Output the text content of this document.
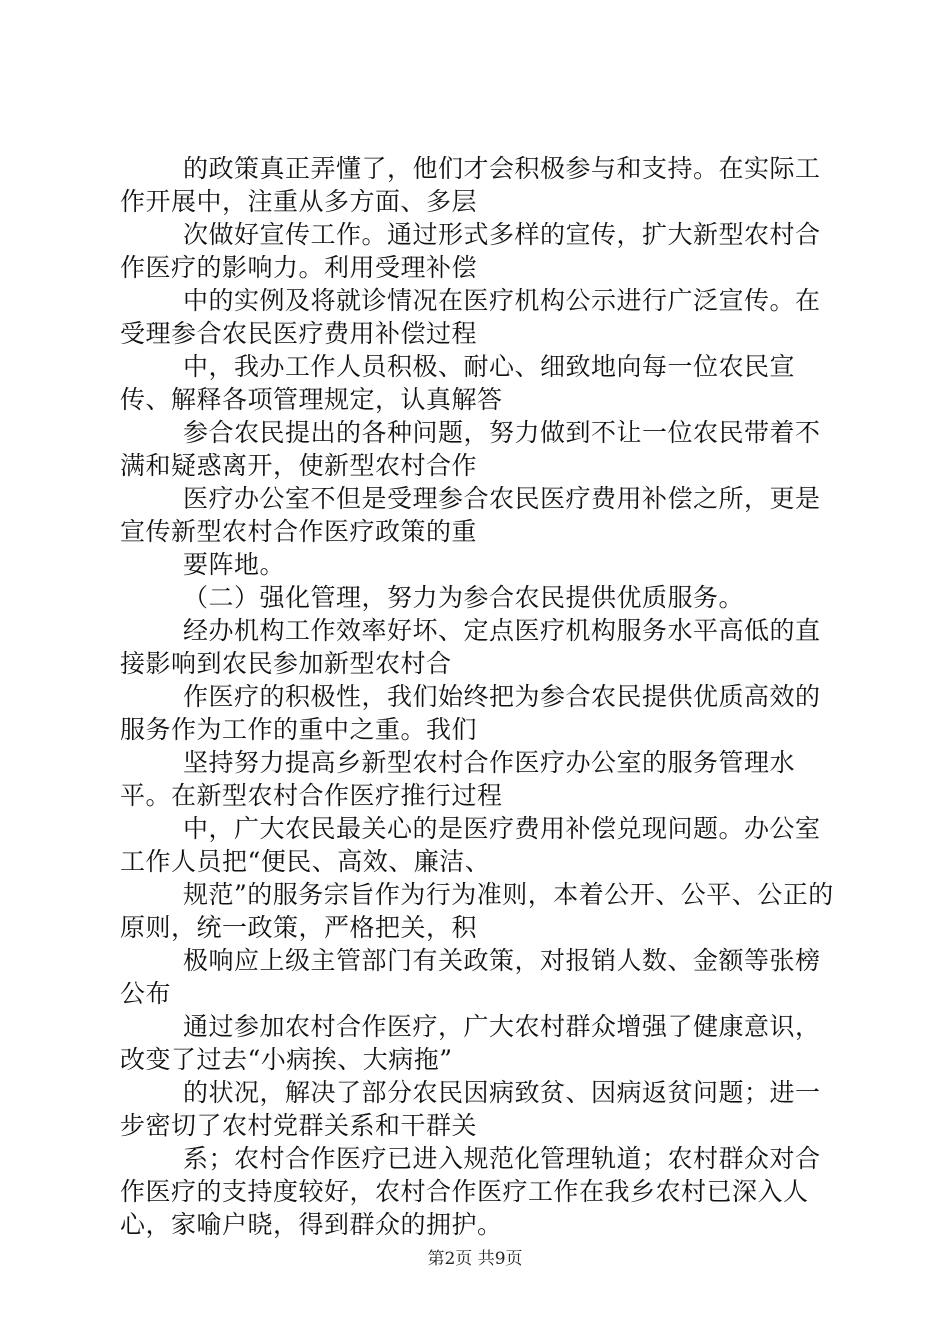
的政策真正弄懂了，他们才会积极参与和支持。在实际工作开展中，注重从多方面、多层

次做好宣传工作。通过形式多样的宣传，扩大新型农村合作医疗的影响力。利用受理补偿

中的实例及将就诊情况在医疗机构公示进行广泛宣传。在受理参合农民医疗费用补偿过程

中，我办工作人员积极、耐心、细致地向每一位农民宣传、解释各项管理规定，认真解答

参合农民提出的各种问题，努力做到不让一位农民带着不满和疑惑离开，使新型农村合作

医疗办公室不但是受理参合农民医疗费用补偿之所，更是宣传新型农村合作医疗政策的重

要阵地。

（二）强化管理，努力为参合农民提供优质服务。

经办机构工作效率好坏、定点医疗机构服务水平高低的直接影响到农民参加新型农村合

作医疗的积极性，我们始终把为参合农民提供优质高效的服务作为工作的重中之重。我们

坚持努力提高乡新型农村合作医疗办公室的服务管理水平。在新型农村合作医疗推行过程

中，广大农民最关心的是医疗费用补偿兑现问题。办公室工作人员把“便民、高效、廉洁、

规范”的服务宗旨作为行为准则，本着公开、公平、公正的原则，统一政策，严格把关，积

极响应上级主管部门有关政策，对报销人数、金额等张榜公布

通过参加农村合作医疗，广大农村群众增强了健康意识，改变了过去“小病挨、大病拖”

的状况，解决了部分农民因病致贫、因病返贫问题；进一步密切了农村党群关系和干群关

系；农村合作医疗已进入规范化管理轨道；农村群众对合作医疗的支持度较好，农村合作医疗工作在我乡农村已深入人心，家喻户晓，得到群众的拥护。

第2页 共9页
